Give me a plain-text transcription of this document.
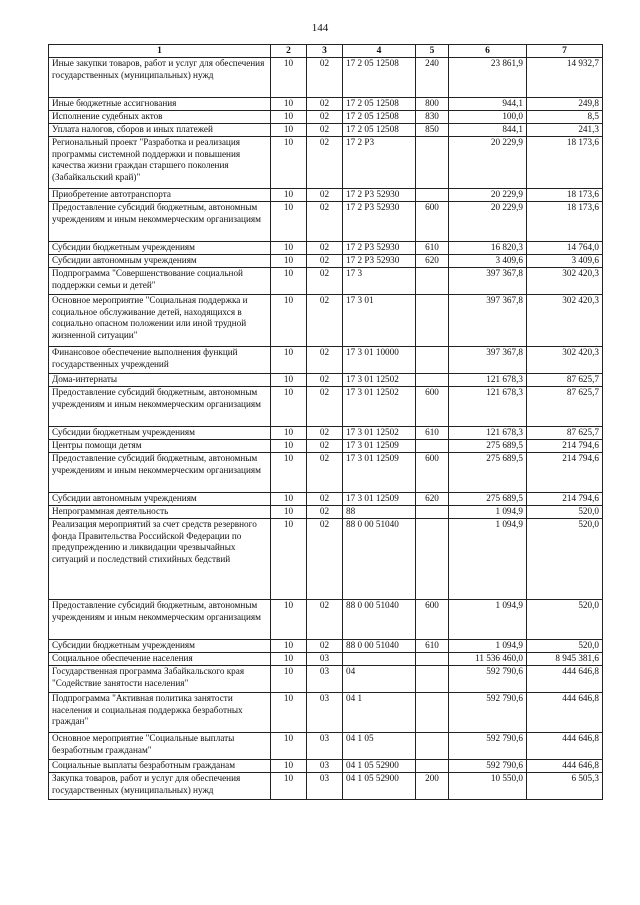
144
1	2	3	4	5	6	7
Иные закупки товаров, работ и услуг для обеспечения государственных (муниципальных) нужд	10	02	17 2 05 12508	240	23 861,9	14 932,7
Иные бюджетные ассигнования	10	02	17 2 05 12508	800	944,1	249,8
Исполнение судебных актов	10	02	17 2 05 12508	830	100,0	8,5
Уплата налогов, сборов и иных платежей	10	02	17 2 05 12508	850	844,1	241,3
Региональный проект "Разработка и реализация программы системной поддержки и повышения качества жизни граждан старшего поколения (Забайкальский край)"	10	02	17 2 P3		20 229,9	18 173,6
Приобретение автотранспорта	10	02	17 2 P3 52930		20 229,9	18 173,6
Предоставление субсидий бюджетным, автономным учреждениям и иным некоммерческим организациям	10	02	17 2 P3 52930	600	20 229,9	18 173,6
Субсидии бюджетным учреждениям	10	02	17 2 P3 52930	610	16 820,3	14 764,0
Субсидии автономным учреждениям	10	02	17 2 P3 52930	620	3 409,6	3 409,6
Подпрограмма "Совершенствование социальной поддержки семьи и детей"	10	02	17 3		397 367,8	302 420,3
Основное мероприятие "Социальная поддержка и социальное обслуживание детей, находящихся в социально опасном положении или иной трудной жизненной ситуации"	10	02	17 3 01		397 367,8	302 420,3
Финансовое обеспечение выполнения функций государственных учреждений	10	02	17 3 01 10000		397 367,8	302 420,3
Дома-интернаты	10	02	17 3 01 12502		121 678,3	87 625,7
Предоставление субсидий бюджетным, автономным учреждениям и иным некоммерческим организациям	10	02	17 3 01 12502	600	121 678,3	87 625,7
Субсидии бюджетным учреждениям	10	02	17 3 01 12502	610	121 678,3	87 625,7
Центры помощи детям	10	02	17 3 01 12509		275 689,5	214 794,6
Предоставление субсидий бюджетным, автономным учреждениям и иным некоммерческим организациям	10	02	17 3 01 12509	600	275 689,5	214 794,6
Субсидии автономным учреждениям	10	02	17 3 01 12509	620	275 689,5	214 794,6
Непрограммная деятельность	10	02	88		1 094,9	520,0
Реализация мероприятий за счет средств резервного фонда Правительства Российской Федерации по предупреждению и ликвидации чрезвычайных ситуаций и последствий стихийных бедствий	10	02	88 0 00 51040		1 094,9	520,0
Предоставление субсидий бюджетным, автономным учреждениям и иным некоммерческим организациям	10	02	88 0 00 51040	600	1 094,9	520,0
Субсидии бюджетным учреждениям	10	02	88 0 00 51040	610	1 094,9	520,0
Социальное обеспечение населения	10	03			11 536 460,0	8 945 381,6
Государственная программа Забайкальского края "Содействие занятости населения"	10	03	04		592 790,6	444 646,8
Подпрограмма "Активная политика занятости населения и социальная поддержка безработных граждан"	10	03	04 1		592 790,6	444 646,8
Основное мероприятие "Социальные выплаты безработным гражданам"	10	03	04 1 05		592 790,6	444 646,8
Социальные выплаты безработным гражданам	10	03	04 1 05 52900		592 790,6	444 646,8
Закупка товаров, работ и услуг для обеспечения государственных (муниципальных) нужд	10	03	04 1 05 52900	200	10 550,0	6 505,3
